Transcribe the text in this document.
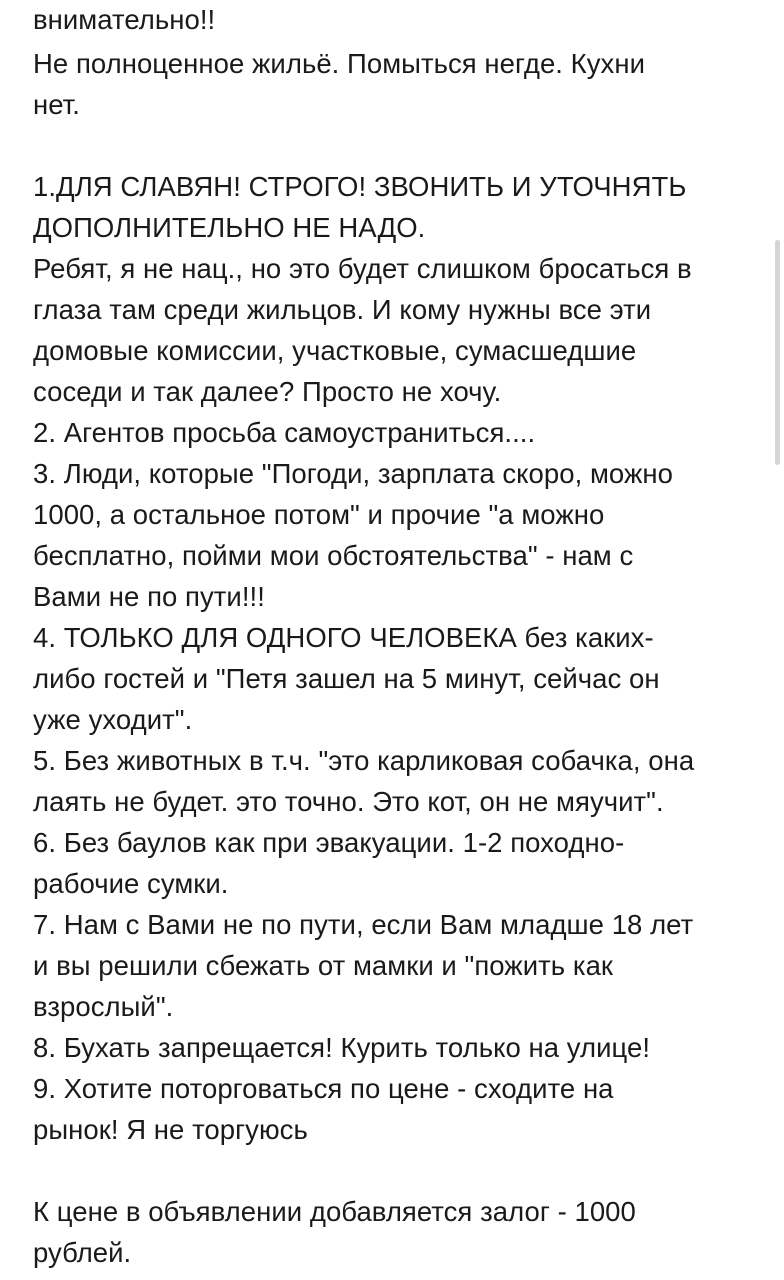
внимательно!!
Не полноценное жильё. Помыться негде. Кухни
нет.
1.ДЛЯ СЛАВЯН! СТРОГО! ЗВОНИТЬ И УТОЧНЯТЬ
ДОПОЛНИТЕЛЬНО НЕ НАДО.
Ребят, я не нац., но это будет слишком бросаться в
глаза там среди жильцов. И кому нужны все эти
домовые комиссии, участковые, сумасшедшие
соседи и так далее? Просто не хочу.
2. Агентов просьба самоустраниться....
3. Люди, которые "Погоди, зарплата скоро, можно
1000, а остальное потом" и прочие "а можно
бесплатно, пойми мои обстоятельства" - нам с
Вами не по пути!!!
4. ТОЛЬКО ДЛЯ ОДНОГО ЧЕЛОВЕКА без каких-
либо гостей и "Петя зашел на 5 минут, сейчас он
уже уходит".
5. Без животных в т.ч. "это карликовая собачка, она
лаять не будет. это точно. Это кот, он не мяучит".
6. Без баулов как при эвакуации. 1-2 походно-
рабочие сумки.
7. Нам с Вами не по пути, если Вам младше 18 лет
и вы решили сбежать от мамки и "пожить как
взрослый".
8. Бухать запрещается! Курить только на улице!
9. Хотите поторговаться по цене - сходите на
рынок! Я не торгуюсь
К цене в объявлении добавляется залог - 1000
рублей.
